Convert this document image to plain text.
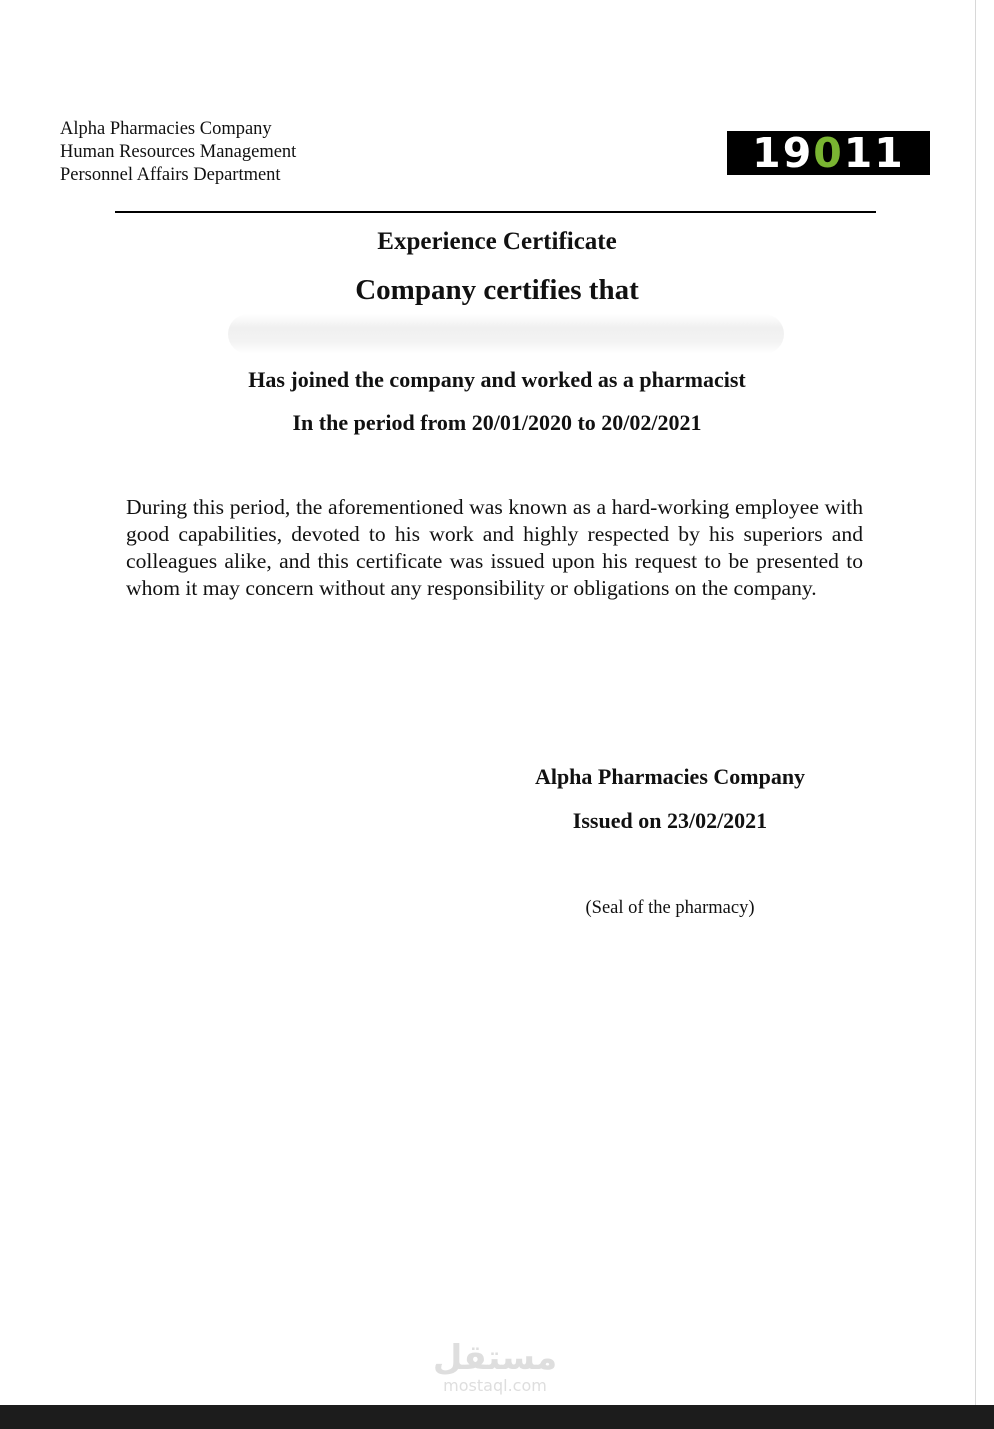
Alpha Pharmacies Company
Human Resources Management
Personnel Affairs Department	19 0 11
Experience Certificate
Company certifies that
Has joined the company and worked as a pharmacist
In the period from 20/01/2020 to 20/02/2021
During this period, the aforementioned was known as a hard-working employee with good capabilities, devoted to his work and highly respected by his superiors and colleagues alike, and this certificate was issued upon his request to be presented to whom it may concern without any responsibility or obligations on the company.
Alpha Pharmacies Company
Issued on 23/02/2021
(Seal of the pharmacy)
مستقل
mostaql.com
